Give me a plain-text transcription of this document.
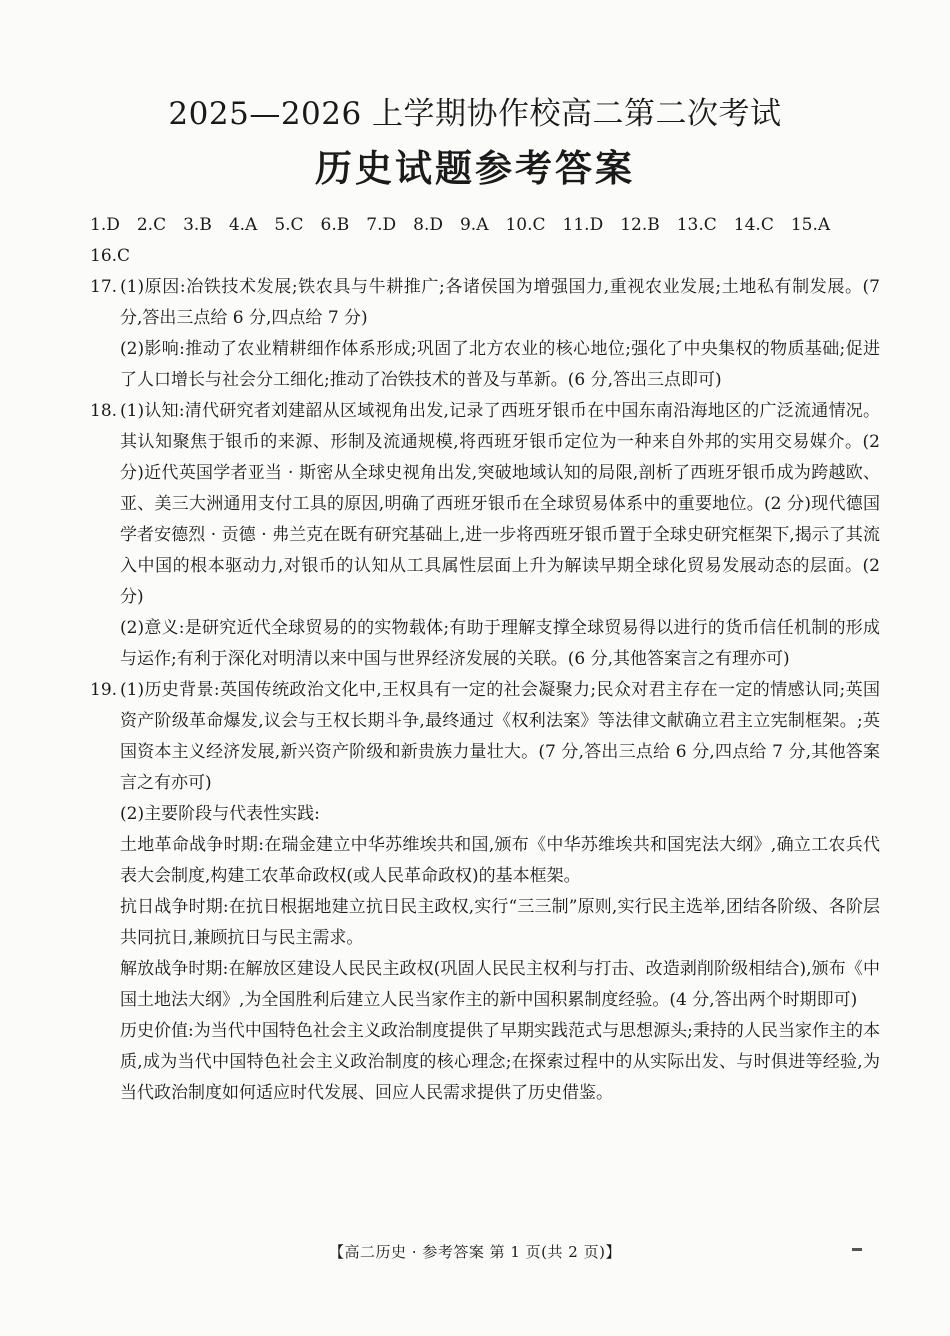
2025—2026 上学期协作校高二第二次考试
历史试题参考答案
1.D 2.C 3.B 4.A 5.C 6.B 7.D 8.D 9.A 10.C 11.D 12.B 13.C 14.C 15.A
16.C
17. (1)原因:冶铁技术发展;铁农具与牛耕推广;各诸侯国为增强国力,重视农业发展;土地私有制发展。(7 分,答出三点给 6 分,四点给 7 分)

(2)影响:推动了农业精耕细作体系形成;巩固了北方农业的核心地位;强化了中央集权的物质基础;促进了人口增长与社会分工细化;推动了冶铁技术的普及与革新。(6 分,答出三点即可)

18. (1)认知:清代研究者刘建韶从区域视角出发,记录了西班牙银币在中国东南沿海地区的广泛流通情况。其认知聚焦于银币的来源、形制及流通规模,将西班牙银币定位为一种来自外邦的实用交易媒介。(2 分)近代英国学者亚当 · 斯密从全球史视角出发,突破地域认知的局限,剖析了西班牙银币成为跨越欧、亚、美三大洲通用支付工具的原因,明确了西班牙银币在全球贸易体系中的重要地位。(2 分)现代德国学者安德烈 · 贡德 · 弗兰克在既有研究基础上,进一步将西班牙银币置于全球史研究框架下,揭示了其流入中国的根本驱动力,对银币的认知从工具属性层面上升为解读早期全球化贸易发展动态的层面。(2 分)

(2)意义:是研究近代全球贸易的的实物载体;有助于理解支撑全球贸易得以进行的货币信任机制的形成与运作;有利于深化对明清以来中国与世界经济发展的关联。(6 分,其他答案言之有理亦可)

19. (1)历史背景:英国传统政治文化中,王权具有一定的社会凝聚力;民众对君主存在一定的情感认同;英国资产阶级革命爆发,议会与王权长期斗争,最终通过《权利法案》等法律文献确立君主立宪制框架。;英国资本主义经济发展,新兴资产阶级和新贵族力量壮大。(7 分,答出三点给 6 分,四点给 7 分,其他答案言之有亦可)

(2)主要阶段与代表性实践:

土地革命战争时期:在瑞金建立中华苏维埃共和国,颁布《中华苏维埃共和国宪法大纲》,确立工农兵代表大会制度,构建工农革命政权(或人民革命政权)的基本框架。

抗日战争时期:在抗日根据地建立抗日民主政权,实行“三三制”原则,实行民主选举,团结各阶级、各阶层共同抗日,兼顾抗日与民主需求。

解放战争时期:在解放区建设人民民主政权(巩固人民民主权利与打击、改造剥削阶级相结合),颁布《中国土地法大纲》,为全国胜利后建立人民当家作主的新中国积累制度经验。(4 分,答出两个时期即可)

历史价值:为当代中国特色社会主义政治制度提供了早期实践范式与思想源头;秉持的人民当家作主的本质,成为当代中国特色社会主义政治制度的核心理念;在探索过程中的从实际出发、与时俱进等经验,为当代政治制度如何适应时代发展、回应人民需求提供了历史借鉴。

【高二历史 · 参考答案 第 1 页(共 2 页)】
